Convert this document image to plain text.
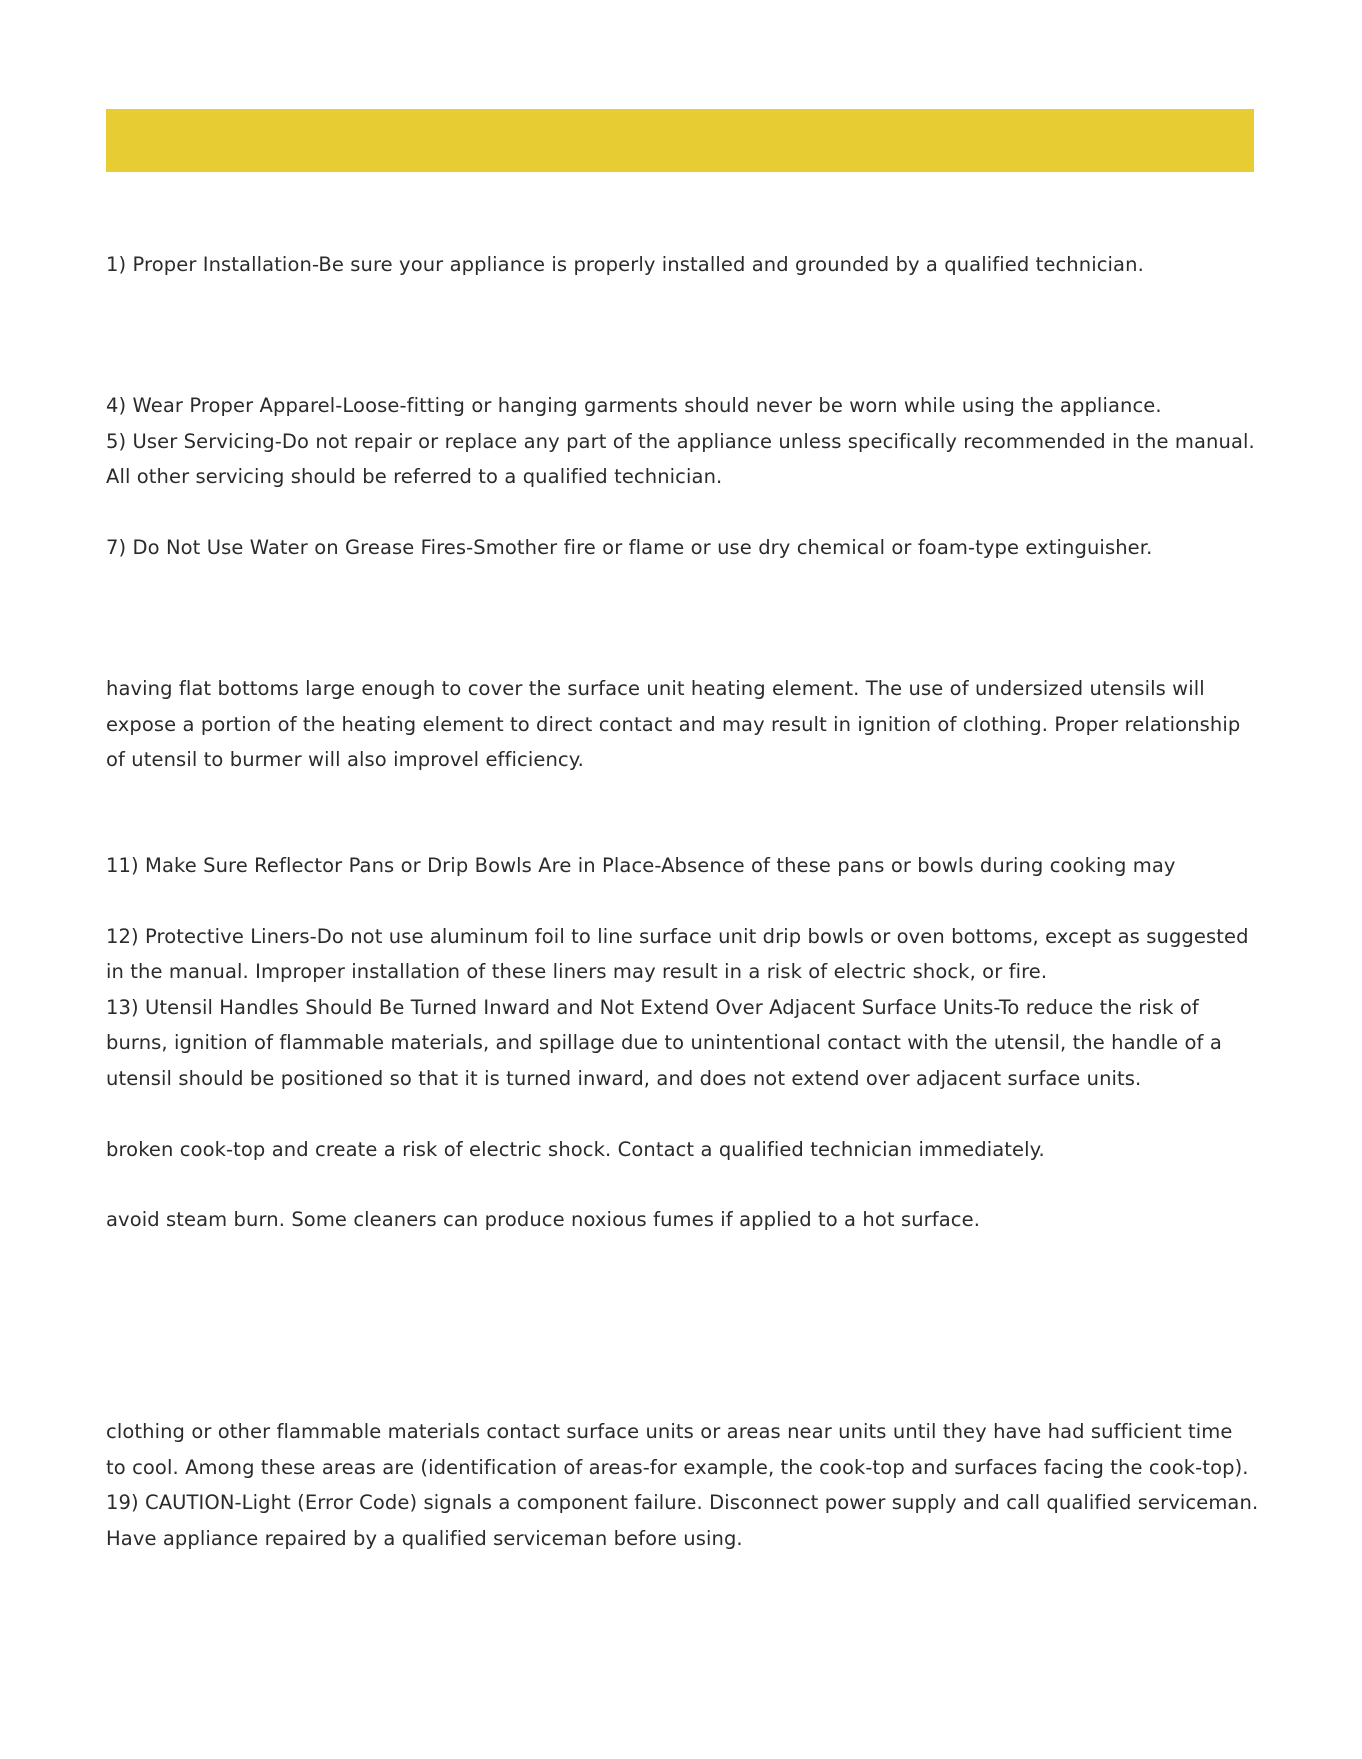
1) Proper Installation-Be sure your appliance is properly installed and grounded by a qualified technician.
4) Wear Proper Apparel-Loose-fitting or hanging garments should never be worn while using the appliance.
5) User Servicing-Do not repair or replace any part of the appliance unless specifically recommended in the manual.
All other servicing should be referred to a qualified technician.
7) Do Not Use Water on Grease Fires-Smother fire or flame or use dry chemical or foam-type extinguisher.
having flat bottoms large enough to cover the surface unit heating element. The use of undersized utensils will
expose a portion of the heating element to direct contact and may result in ignition of clothing. Proper relationship
of utensil to burmer will also improvel efficiency.
11) Make Sure Reflector Pans or Drip Bowls Are in Place-Absence of these pans or bowls during cooking may
12) Protective Liners-Do not use aluminum foil to line surface unit drip bowls or oven bottoms, except as suggested
in the manual. Improper installation of these liners may result in a risk of electric shock, or fire.
13) Utensil Handles Should Be Turned Inward and Not Extend Over Adjacent Surface Units-To reduce the risk of
burns, ignition of flammable materials, and spillage due to unintentional contact with the utensil, the handle of a
utensil should be positioned so that it is turned inward, and does not extend over adjacent surface units.
broken cook-top and create a risk of electric shock. Contact a qualified technician immediately.
avoid steam burn. Some cleaners can produce noxious fumes if applied to a hot surface.
clothing or other flammable materials contact surface units or areas near units until they have had sufficient time
to cool. Among these areas are (identification of areas-for example, the cook-top and surfaces facing the cook-top).
19) CAUTION-Light (Error Code) signals a component failure. Disconnect power supply and call qualified serviceman.
Have appliance repaired by a qualified serviceman before using.
